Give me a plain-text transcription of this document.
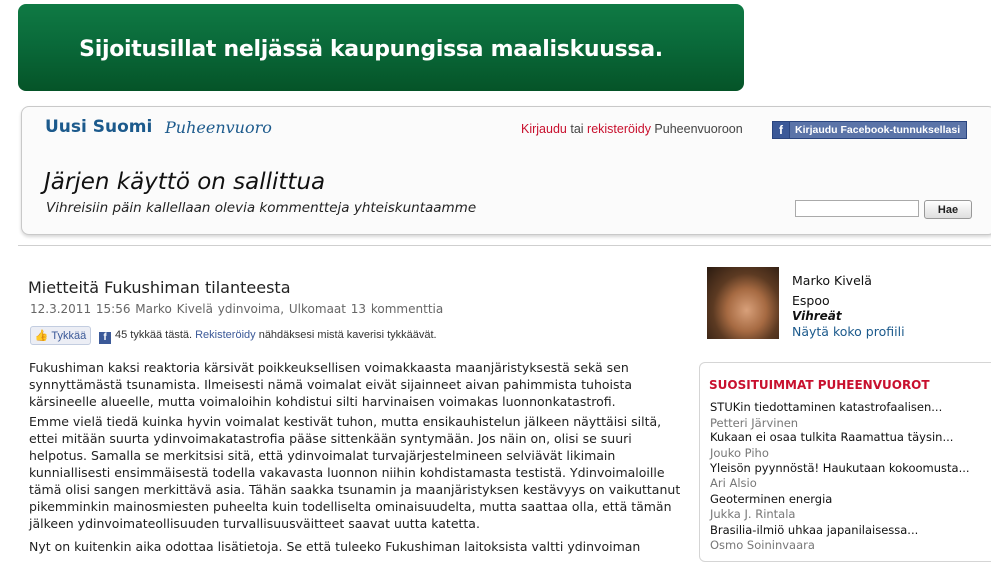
Sijoitusillat neljässä kaupungissa maaliskuussa.
Uusi Suomi Puheenvuoro	Kirjaudu tai rekisteröidy Puheenvuoroon	f	Kirjaudu Facebook-tunnuksellasi
Järjen käyttö on sallittua
Vihreisiin päin kallellaan olevia kommentteja yhteiskuntaamme	Hae
Mietteitä Fukushiman tilanteesta
12.3.2011 15:56 Marko Kivelä ydinvoima, Ulkomaat 13 kommenttia
👍 Tykkää	f 45 tykkää tästä. Rekisteröidy nähdäksesi mistä kaverisi tykkäävät.
Fukushiman kaksi reaktoria kärsivät poikkeuksellisen voimakkaasta maanjäristyksestä sekä sen synnyttämästä tsunamista. Ilmeisesti nämä voimalat eivät sijainneet aivan pahimmista tuhoista kärsineelle alueelle, mutta voimaloihin kohdistui silti harvinaisen voimakas luonnonkatastrofi.
Emme vielä tiedä kuinka hyvin voimalat kestivät tuhon, mutta ensikauhistelun jälkeen näyttäisi siltä, ettei mitään suurta ydinvoimakatastrofia pääse sittenkään syntymään. Jos näin on, olisi se suuri helpotus. Samalla se merkitsisi sitä, että ydinvoimalat turvajärjestelmineen selviävät likimain kunniallisesti ensimmäisestä todella vakavasta luonnon niihin kohdistamasta testistä. Ydinvoimaloille tämä olisi sangen merkittävä asia. Tähän saakka tsunamin ja maanjäristyksen kestävyys on vaikuttanut pikemminkin mainosmiesten puheelta kuin todelliselta ominaisuudelta, mutta saattaa olla, että tämän jälkeen ydinvoimateollisuuden turvallisuusväitteet saavat uutta katetta.
Nyt on kuitenkin aika odottaa lisätietoja. Se että tuleeko Fukushiman laitoksista valtti ydinvoiman
Marko Kivelä
Espoo
Vihreät
Näytä koko profiili
SUOSITUIMMAT PUHEENVUOROT
STUKin tiedottaminen katastrofaalisen...
Petteri Järvinen
Kukaan ei osaa tulkita Raamattua täysin...
Jouko Piho
Yleisön pyynnöstä! Haukutaan kokoomusta...
Ari Alsio
Geoterminen energia
Jukka J. Rintala
Brasilia-ilmiö uhkaa japanilaisessa...
Osmo Soininvaara
